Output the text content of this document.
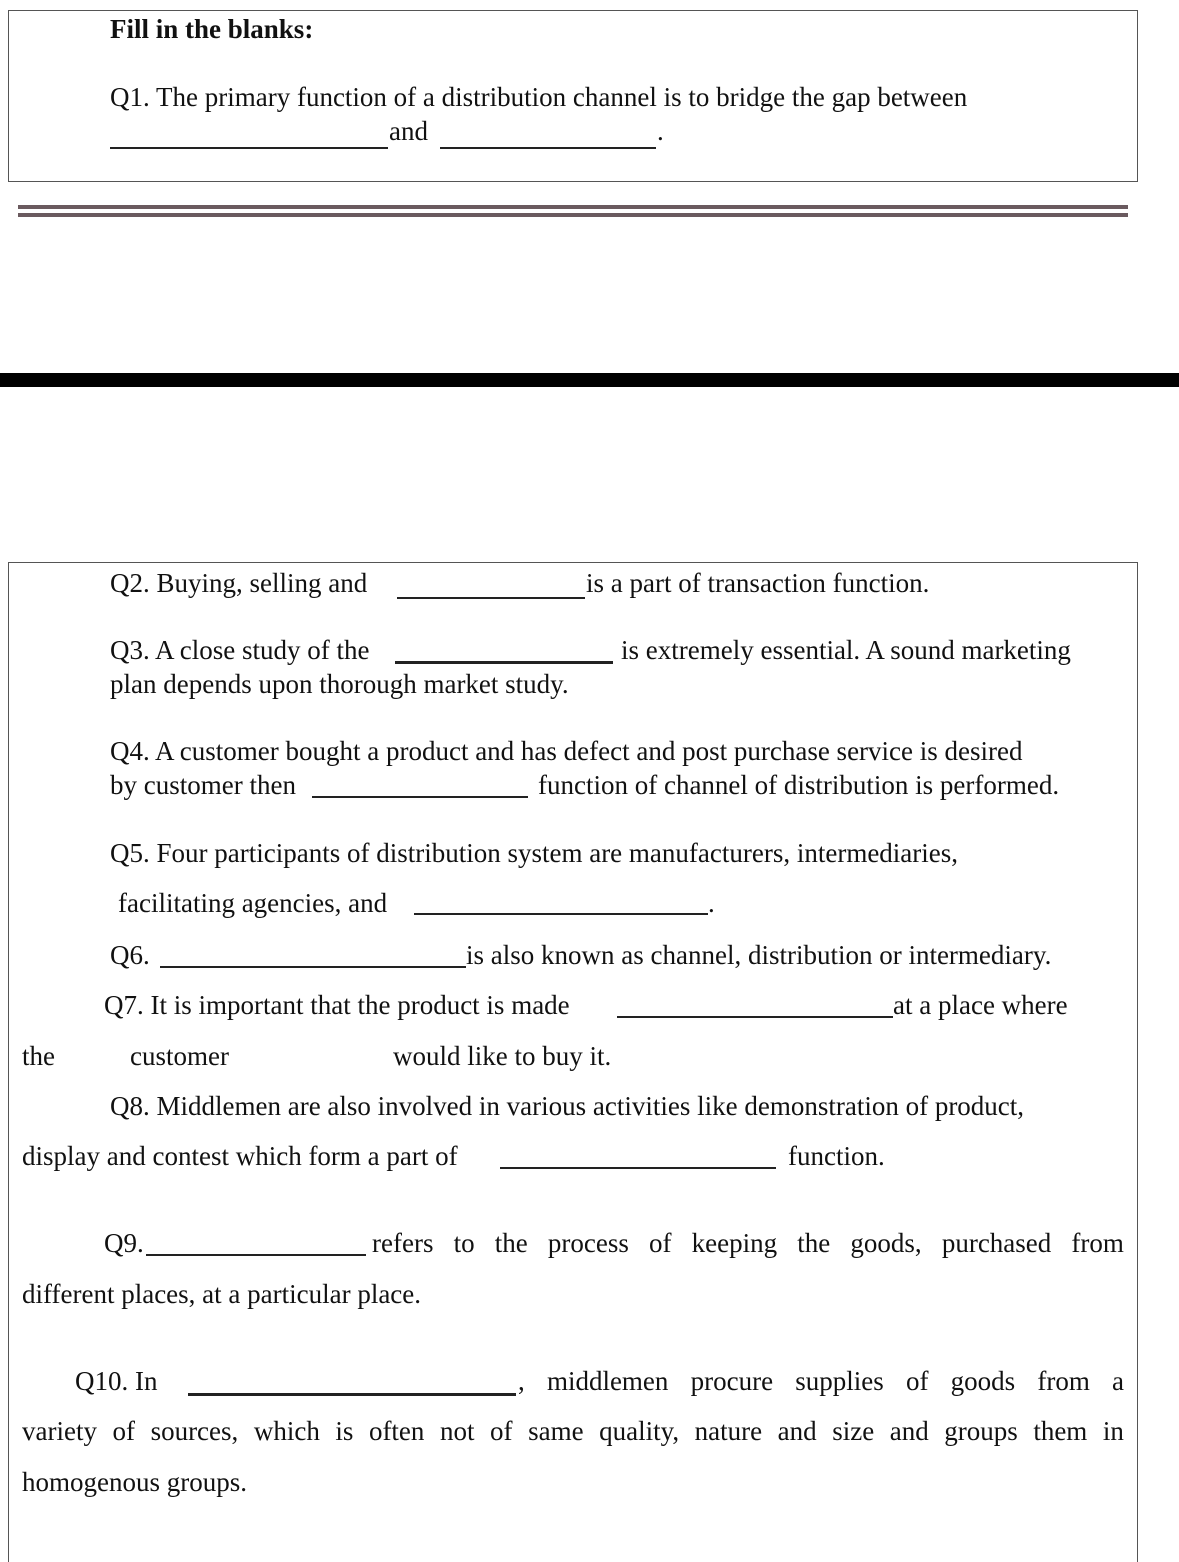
Fill in the blanks:
Q1. The primary function of a distribution channel is to bridge the gap between
and	.
Q2. Buying, selling and	is a part of transaction function.
Q3. A close study of the	is extremely essential. A sound marketing
plan depends upon thorough market study.
Q4. A customer bought a product and has defect and post purchase service is desired
by customer then	function of channel of distribution is performed.
Q5. Four participants of distribution system are manufacturers, intermediaries,
facilitating agencies, and	.
Q6.	is also known as channel, distribution or intermediary.
Q7. It is important that the product is made	at a place where
the	customer	would like to buy it.
Q8. Middlemen are also involved in various activities like demonstration of product,
display and contest which form a part of	function.
Q9.	refers to the process of keeping the goods, purchased from
different places, at a particular place.
Q10. In	, middlemen procure supplies of goods from a
variety of sources, which is often not of same quality, nature and size and groups them in
homogenous groups.
